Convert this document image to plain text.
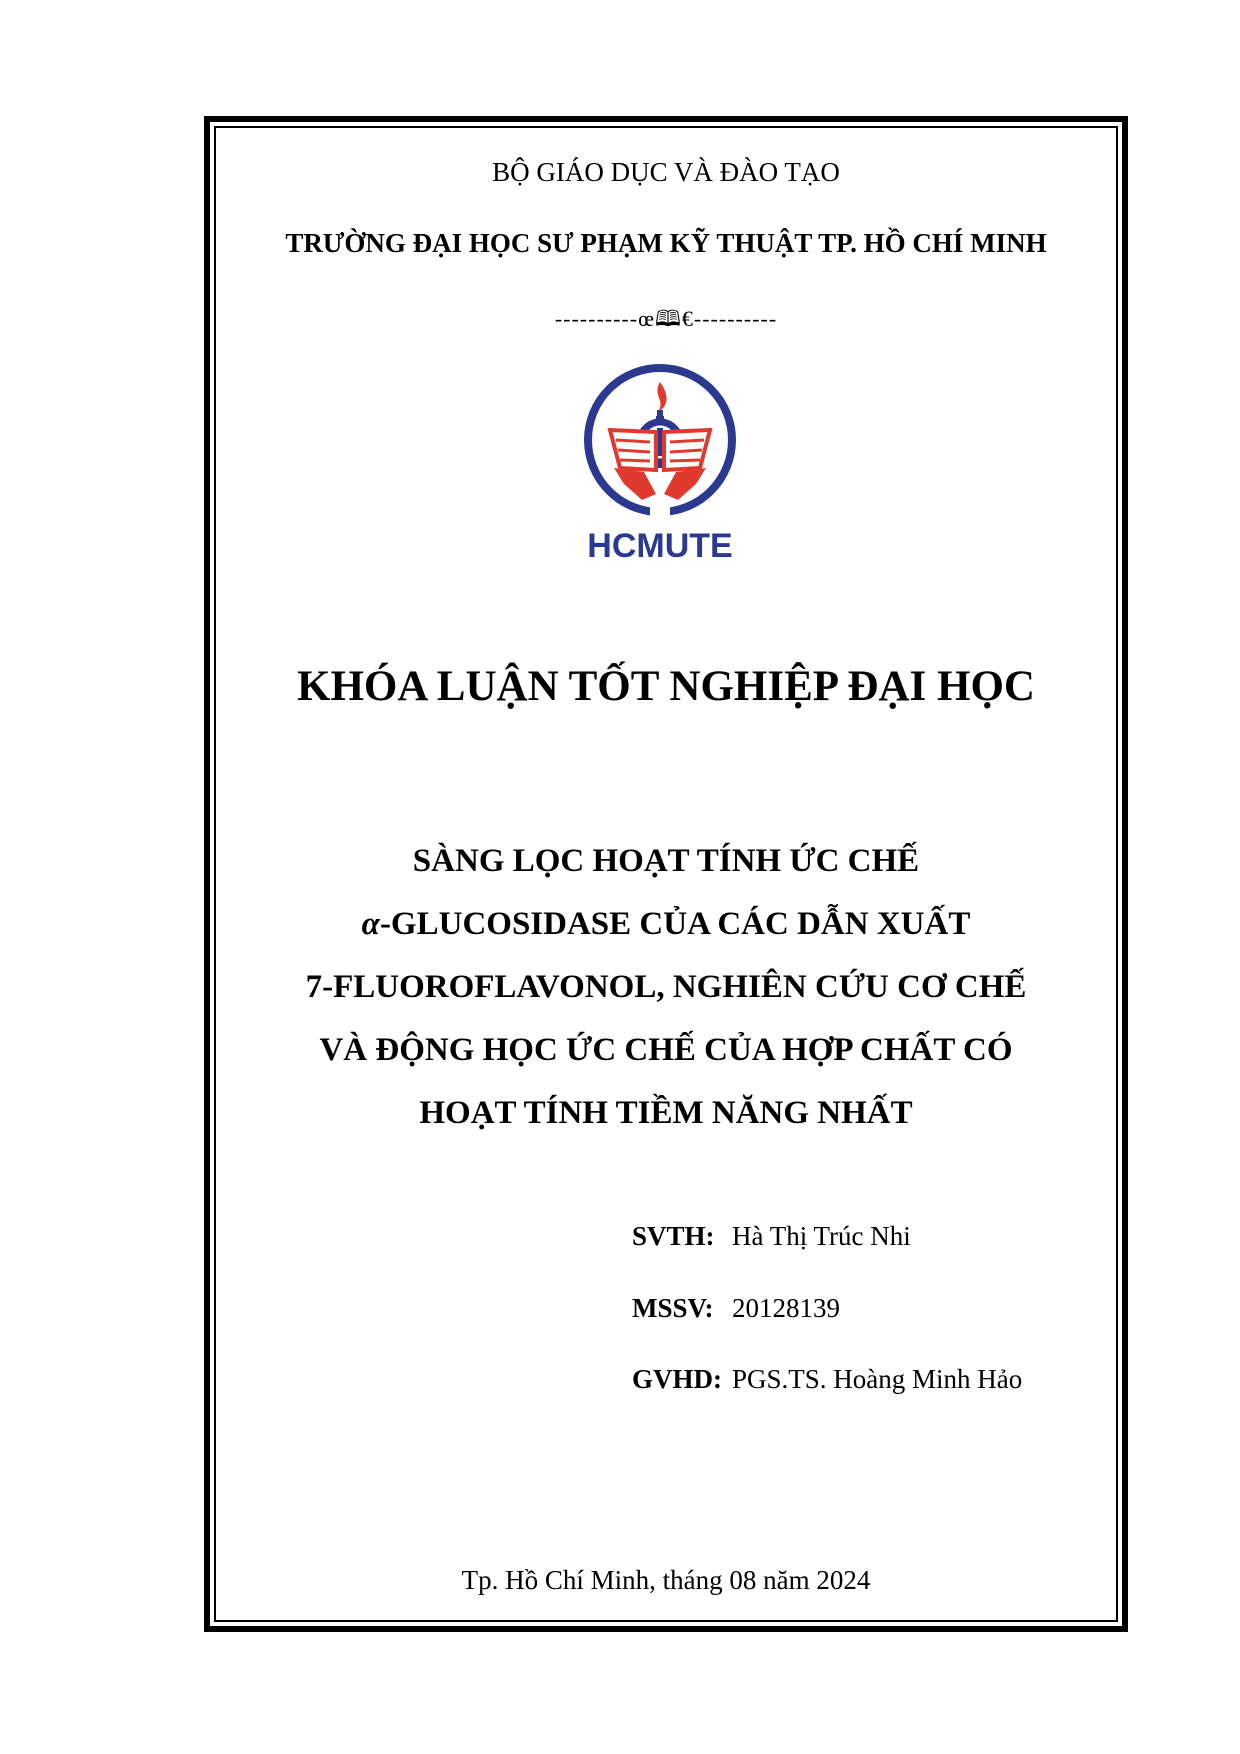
BỘ GIÁO DỤC VÀ ĐÀO TẠO
TRƯỜNG ĐẠI HỌC SƯ PHẠM KỸ THUẬT TP. HỒ CHÍ MINH
----------œ🕮€----------
HCMUTE
KHÓA LUẬN TỐT NGHIỆP ĐẠI HỌC
SÀNG LỌC HOẠT TÍNH ỨC CHẾ
α-GLUCOSIDASE CỦA CÁC DẪN XUẤT
7-FLUOROFLAVONOL, NGHIÊN CỨU CƠ CHẾ
VÀ ĐỘNG HỌC ỨC CHẾ CỦA HỢP CHẤT CÓ
HOẠT TÍNH TIỀM NĂNG NHẤT
SVTH: Hà Thị Trúc Nhi
MSSV: 20128139
GVHD: PGS.TS. Hoàng Minh Hảo
Tp. Hồ Chí Minh, tháng 08 năm 2024
